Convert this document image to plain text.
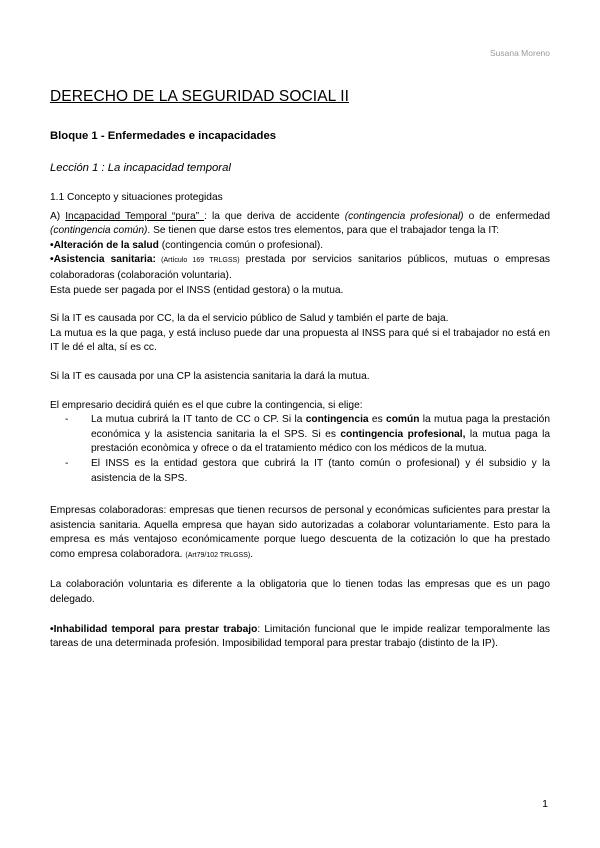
Susana Moreno
DERECHO DE LA SEGURIDAD SOCIAL II
Bloque 1 - Enfermedades e incapacidades
Lección 1 : La incapacidad temporal

1.1 Concepto y situaciones protegidas

A) Incapacidad Temporal “pura” : la que deriva de accidente (contingencia profesional) o de enfermedad (contingencia común). Se tienen que darse estos tres elementos, para que el trabajador tenga la IT:

•Alteración de la salud (contingencia común o profesional).

•Asistencia sanitaria: (Artículo 169 TRLGSS) prestada por servicios sanitarios públicos, mutuas o empresas colaboradoras (colaboración voluntaria).

Esta puede ser pagada por el INSS (entidad gestora) o la mutua.

Si la IT es causada por CC, la da el servicio público de Salud y también el parte de baja.

La mutua es la que paga, y está incluso puede dar una propuesta al INSS para qué si el trabajador no está en IT le dé el alta, sí es cc.

Si la IT es causada por una CP la asistencia sanitaria la dará la mutua.

El empresario decidirá quién es el que cubre la contingencia, si elige:

- La mutua cubrirá la IT tanto de CC o CP. Si la contingencia es común la mutua paga la prestación económica y la asistencia sanitaria la el SPS. Si es contingencia profesional, la mutua paga la prestación econòmica y ofrece o da el tratamiento médico con los médicos de la mutua.
- El INSS es la entidad gestora que cubrirá la IT (tanto común o profesional) y él subsidio y la asistencia de la SPS.

Empresas colaboradoras: empresas que tienen recursos de personal y económicas suficientes para prestar la asistencia sanitaria. Aquella empresa que hayan sido autorizadas a colaborar voluntariamente. Esto para la empresa es más ventajoso económicamente porque luego descuenta de la cotización lo que ha prestado como empresa colaboradora. (Art79/102 TRLGSS).

La colaboración voluntaria es diferente a la obligatoria que lo tienen todas las empresas que es un pago delegado.

•Inhabilidad temporal para prestar trabajo: Limitación funcional que le impide realizar temporalmente las tareas de una determinada profesión. Imposibilidad temporal para prestar trabajo (distinto de la IP).

1
